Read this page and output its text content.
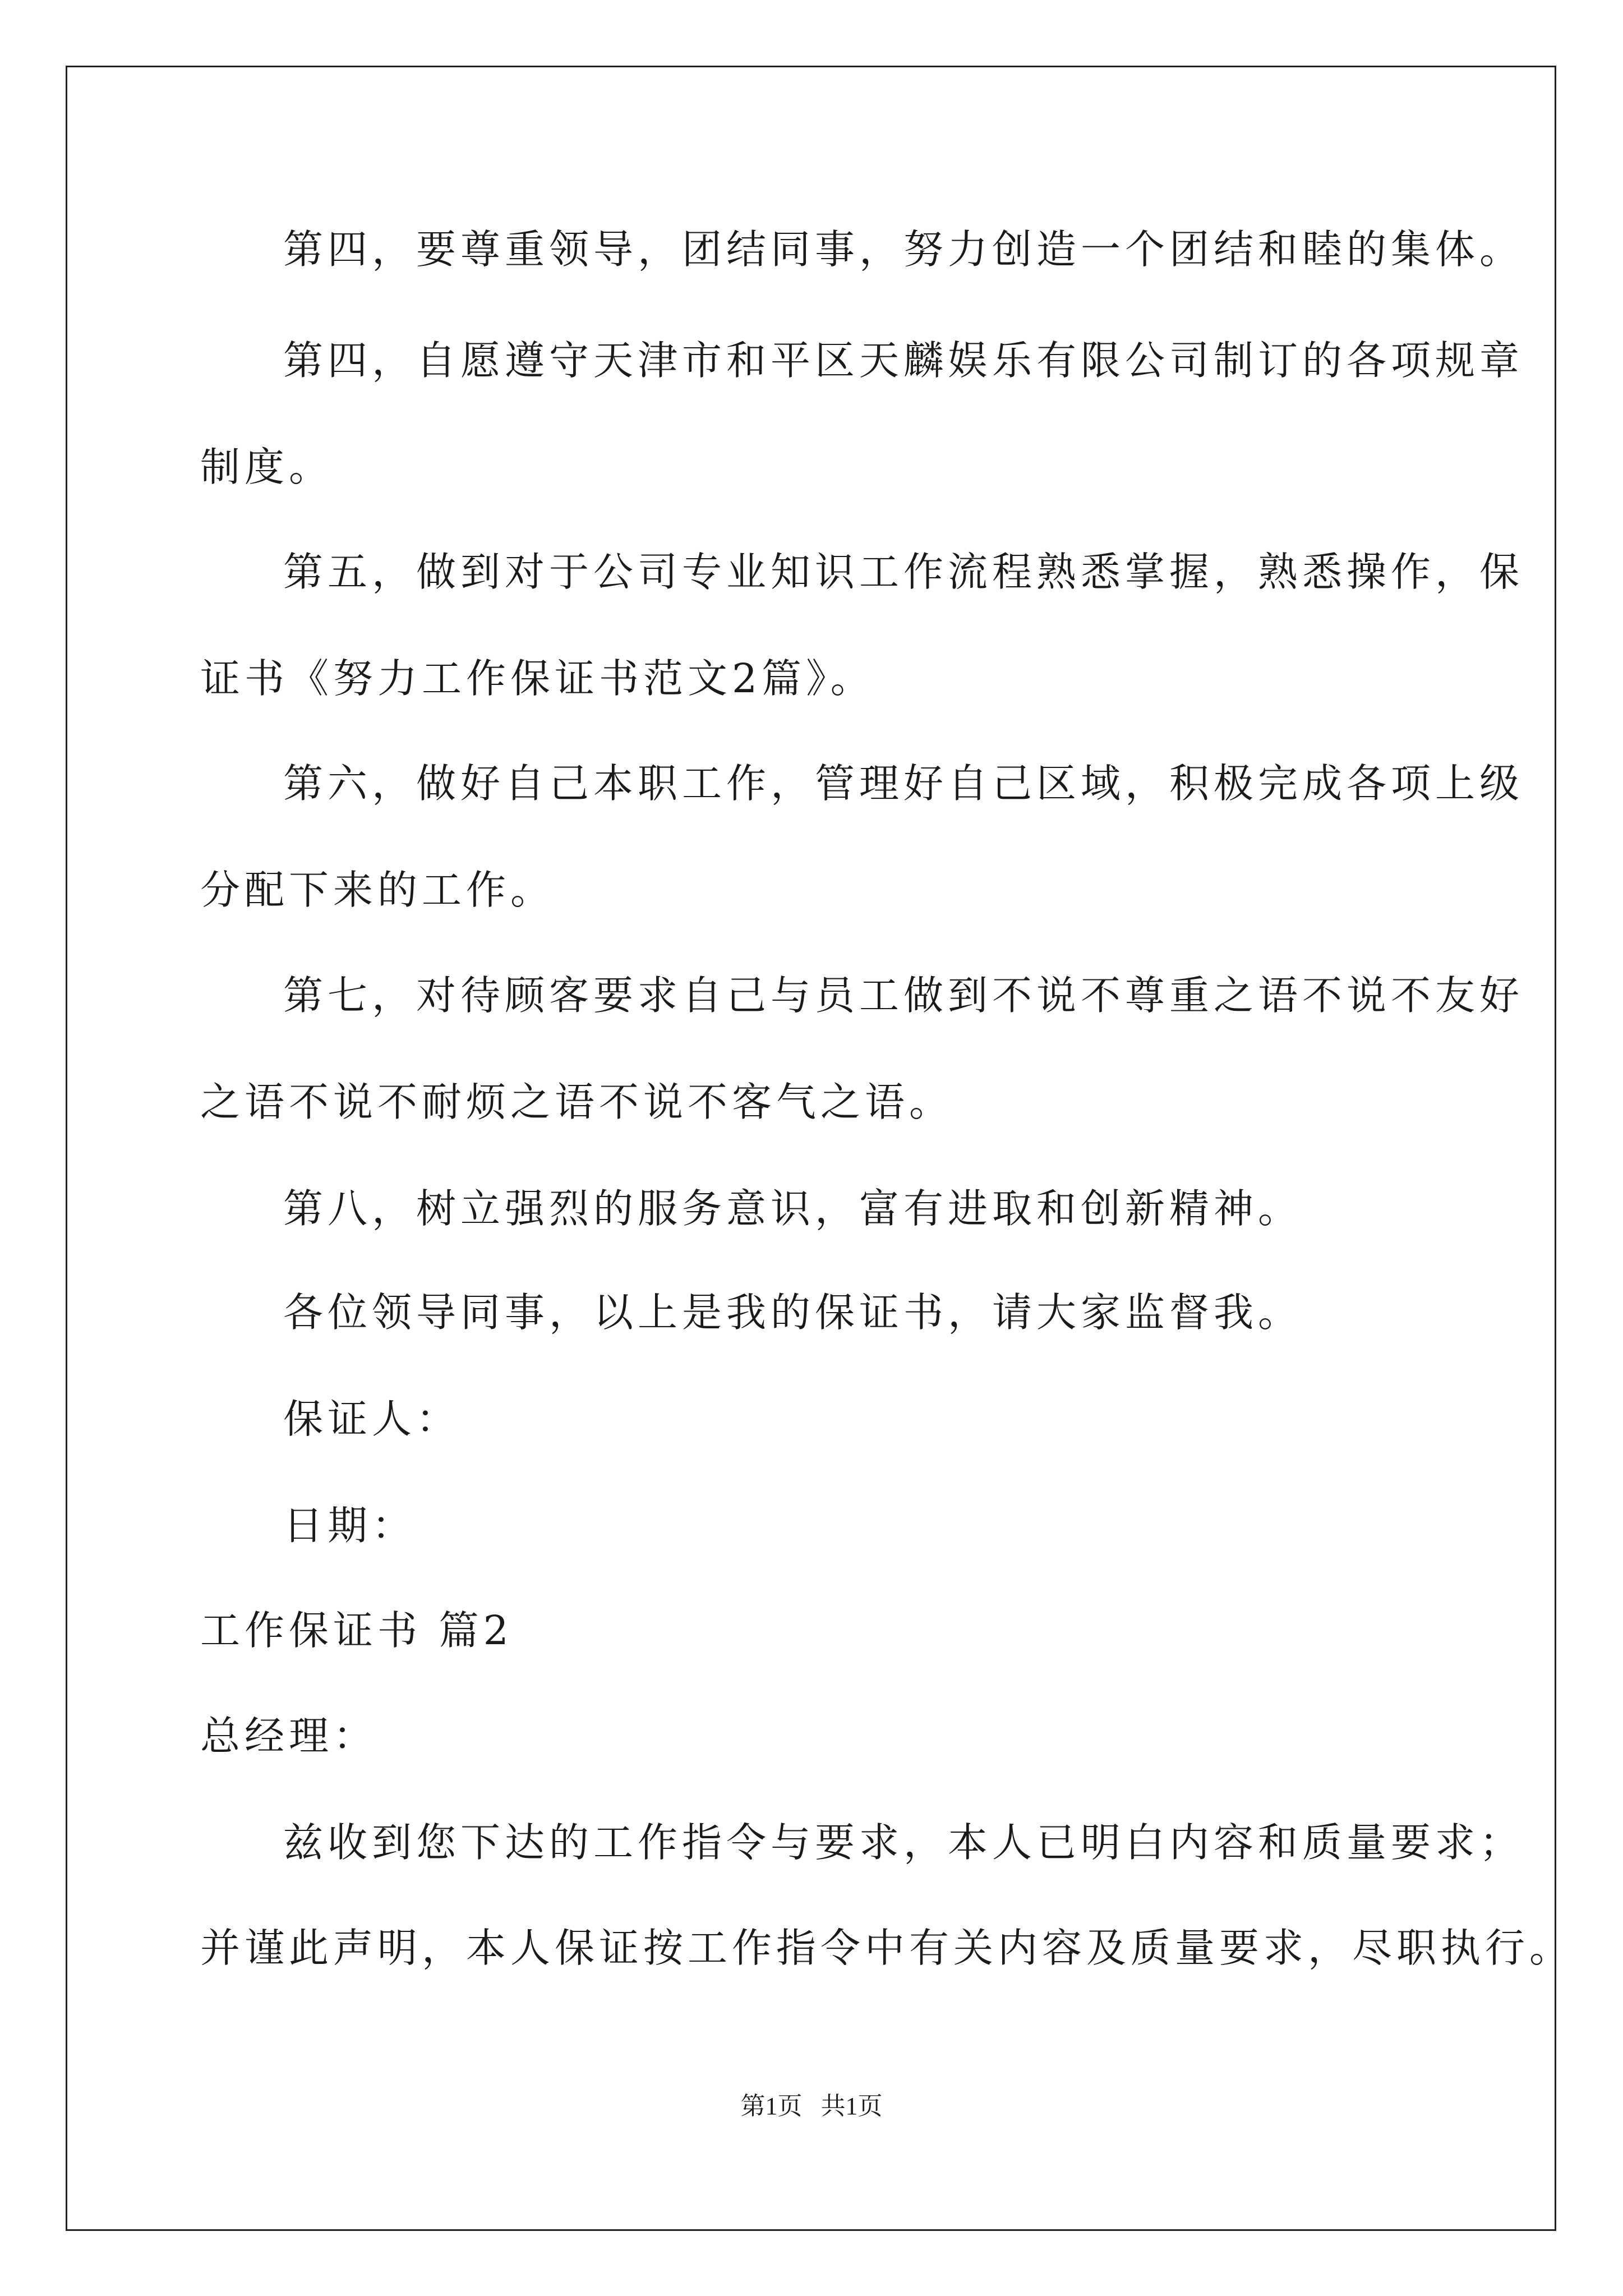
第四，要尊重领导，团结同事，努力创造一个团结和睦的集体。
第四，自愿遵守天津市和平区天麟娱乐有限公司制订的各项规章
制度。
第五，做到对于公司专业知识工作流程熟悉掌握，熟悉操作，保
证书《努力工作保证书范文2篇》。
第六，做好自己本职工作，管理好自己区域，积极完成各项上级
分配下来的工作。
第七，对待顾客要求自己与员工做到不说不尊重之语不说不友好
之语不说不耐烦之语不说不客气之语。
第八，树立强烈的服务意识，富有进取和创新精神。
各位领导同事，以上是我的保证书，请大家监督我。
保证人：
日期：
工作保证书 篇2
总经理：
兹收到您下达的工作指令与要求，本人已明白内容和质量要求；
并谨此声明，本人保证按工作指令中有关内容及质量要求，尽职执行。
第1页   共1页
